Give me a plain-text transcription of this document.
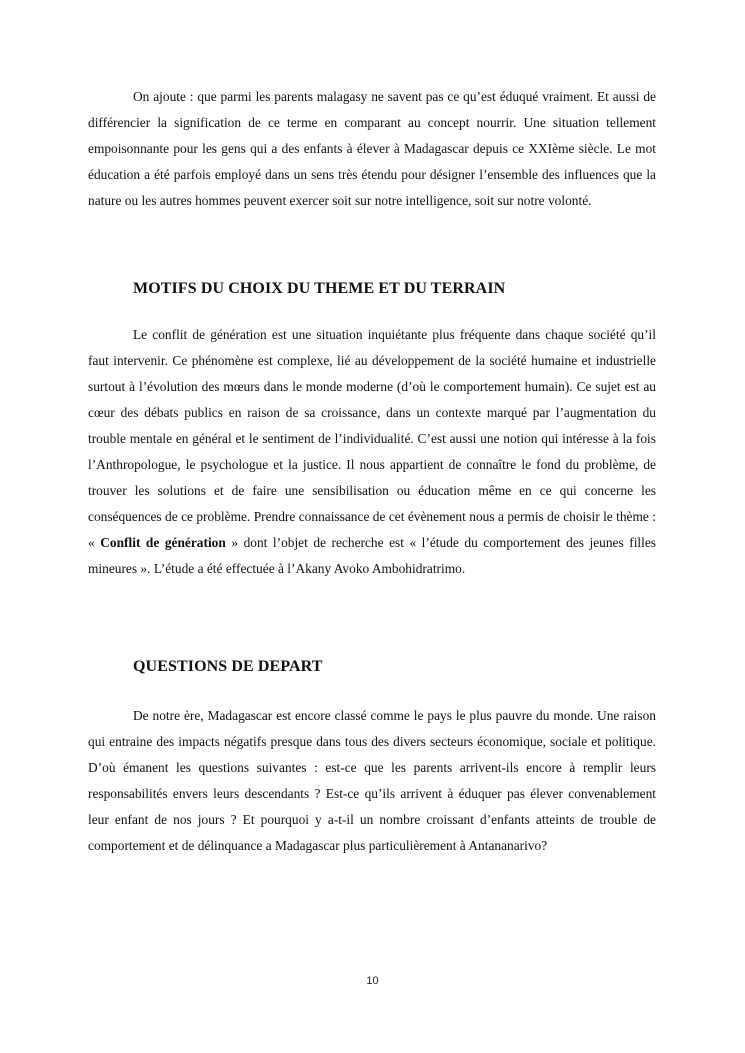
On ajoute : que parmi les parents malagasy ne savent pas ce qu’est éduqué vraiment. Et aussi de différencier la signification de ce terme en comparant au concept nourrir. Une situation tellement empoisonnante pour les gens qui a des enfants à élever à Madagascar depuis ce XXIème siècle. Le mot éducation a été parfois employé dans un sens très étendu pour désigner l’ensemble des influences que la nature ou les autres hommes peuvent exercer soit sur notre intelligence, soit sur notre volonté.

MOTIFS DU CHOIX DU THEME ET DU TERRAIN

Le conflit de génération est une situation inquiétante plus fréquente dans chaque société qu’il faut intervenir. Ce phénomène est complexe, lié au développement de la société humaine et industrielle surtout à l’évolution des mœurs dans le monde moderne (d’où le comportement humain). Ce sujet est au cœur des débats publics en raison de sa croissance, dans un contexte marqué par l’augmentation du trouble mentale en général et le sentiment de l’individualité. C’est aussi une notion qui intéresse à la fois l’Anthropologue, le psychologue et la justice. Il nous appartient de connaître le fond du problème, de trouver les solutions et de faire une sensibilisation ou éducation même en ce qui concerne les conséquences de ce problème. Prendre connaissance de cet évènement nous a permis de choisir le thème : « Conflit de génération » dont l’objet de recherche est « l’étude du comportement des jeunes filles mineures ». L’étude a été effectuée à l’Akany Avoko Ambohidratrimo.

QUESTIONS DE DEPART

De notre ère, Madagascar est encore classé comme le pays le plus pauvre du monde. Une raison qui entraine des impacts négatifs presque dans tous des divers secteurs économique, sociale et politique. D’où émanent les questions suivantes : est-ce que les parents arrivent-ils encore à remplir leurs responsabilités envers leurs descendants ? Est-ce qu’ils arrivent à éduquer pas élever convenablement leur enfant de nos jours ? Et pourquoi y a-t-il un nombre croissant d’enfants atteints de trouble de comportement et de délinquance a Madagascar plus particulièrement à Antananarivo?

10
